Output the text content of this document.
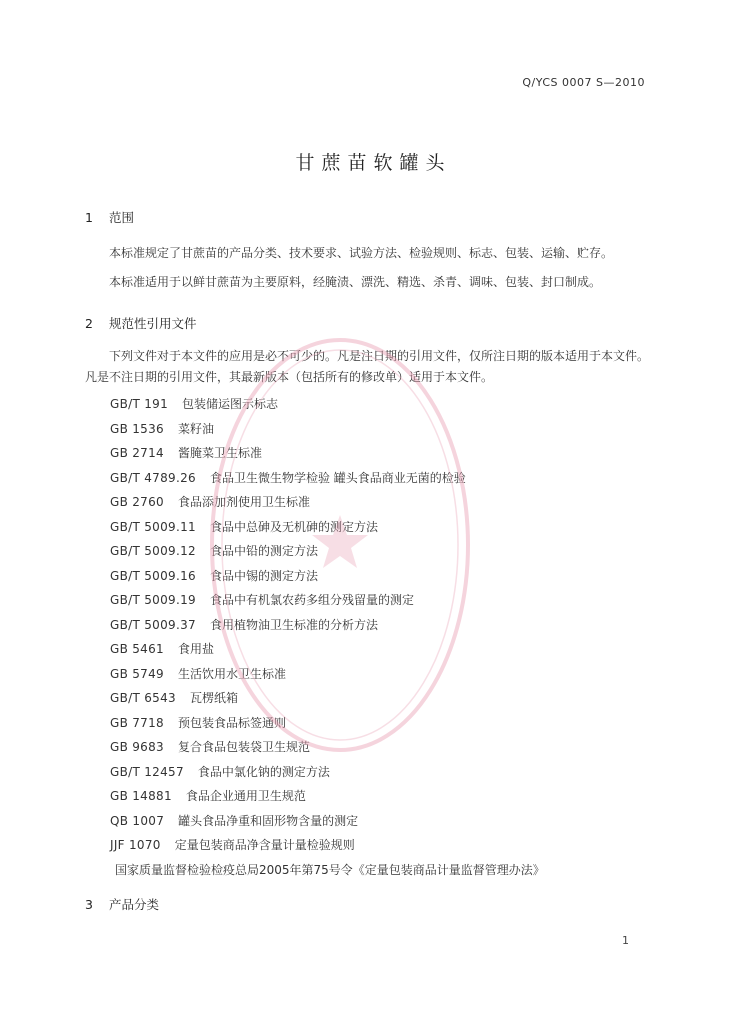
Q/YCS 0007 S—2010
甘蔗苗软罐头
1 范围
本标准规定了甘蔗苗的产品分类、技术要求、试验方法、检验规则、标志、包装、运输、贮存。
本标准适用于以鲜甘蔗苗为主要原料，经腌渍、漂洗、精选、杀青、调味、包装、封口制成。
2 规范性引用文件
下列文件对于本文件的应用是必不可少的。凡是注日期的引用文件，仅所注日期的版本适用于本文件。凡是不注日期的引用文件，其最新版本（包括所有的修改单）适用于本文件。
GB/T 191 包装储运图示标志
GB 1536 菜籽油
GB 2714 酱腌菜卫生标准
GB/T 4789.26 食品卫生微生物学检验 罐头食品商业无菌的检验
GB 2760 食品添加剂使用卫生标准
GB/T 5009.11 食品中总砷及无机砷的测定方法
GB/T 5009.12 食品中铅的测定方法
GB/T 5009.16 食品中锡的测定方法
GB/T 5009.19 食品中有机氯农药多组分残留量的测定
GB/T 5009.37 食用植物油卫生标准的分析方法
GB 5461 食用盐
GB 5749 生活饮用水卫生标准
GB/T 6543 瓦楞纸箱
GB 7718 预包装食品标签通则
GB 9683 复合食品包装袋卫生规范
GB/T 12457 食品中氯化钠的测定方法
GB 14881 食品企业通用卫生规范
QB 1007 罐头食品净重和固形物含量的测定
JJF 1070 定量包装商品净含量计量检验规则
国家质量监督检验检疫总局2005年第75号令《定量包装商品计量监督管理办法》
3 产品分类
1
